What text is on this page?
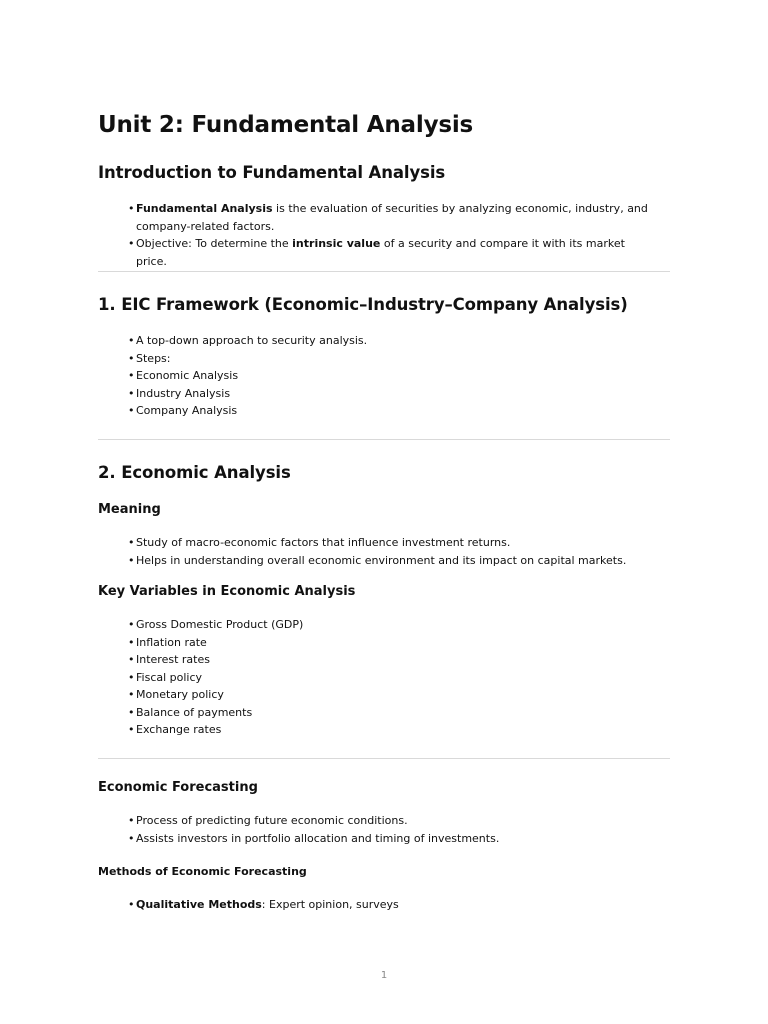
Unit 2: Fundamental Analysis
Introduction to Fundamental Analysis
• Fundamental Analysis is the evaluation of securities by analyzing economic, industry, and company-related factors.
• Objective: To determine the intrinsic value of a security and compare it with its market price.
1. EIC Framework (Economic–Industry–Company Analysis)
• A top-down approach to security analysis.
• Steps:
• Economic Analysis
• Industry Analysis
• Company Analysis
2. Economic Analysis
Meaning
• Study of macro-economic factors that influence investment returns.
• Helps in understanding overall economic environment and its impact on capital markets.
Key Variables in Economic Analysis
• Gross Domestic Product (GDP)
• Inflation rate
• Interest rates
• Fiscal policy
• Monetary policy
• Balance of payments
• Exchange rates
Economic Forecasting
• Process of predicting future economic conditions.
• Assists investors in portfolio allocation and timing of investments.
Methods of Economic Forecasting
• Qualitative Methods: Expert opinion, surveys
1
